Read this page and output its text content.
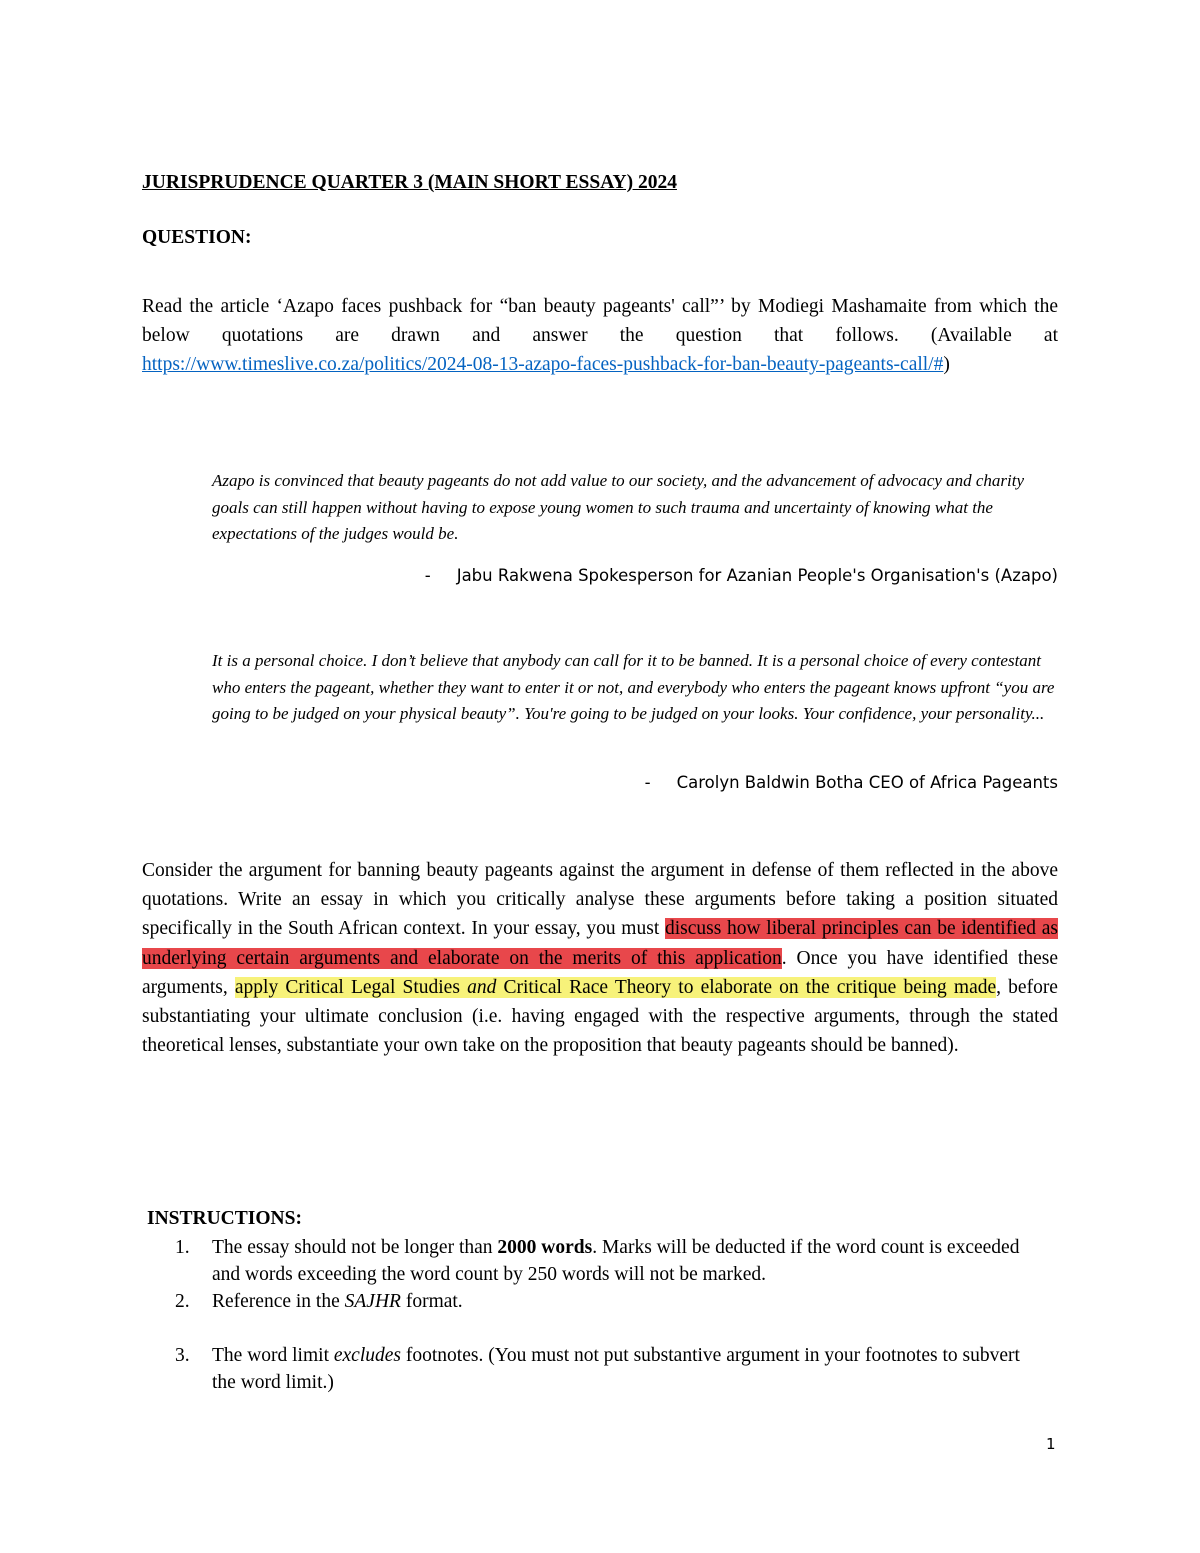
JURISPRUDENCE QUARTER 3 (MAIN SHORT ESSAY) 2024
QUESTION:

Read the article ‘Azapo faces pushback for “ban beauty pageants' call”’ by Modiegi Mashamaite from which the below quotations are drawn and answer the question that follows. (Available at https://www.timeslive.co.za/politics/2024-08-13-azapo-faces-pushback-for-ban-beauty-pageants-call/#)

Azapo is convinced that beauty pageants do not add value to our society, and the advancement of advocacy and charity goals can still happen without having to expose young women to such trauma and uncertainty of knowing what the expectations of the judges would be.

- Jabu Rakwena Spokesperson for Azanian People's Organisation's (Azapo)

It is a personal choice. I don’t believe that anybody can call for it to be banned. It is a personal choice of every contestant who enters the pageant, whether they want to enter it or not, and everybody who enters the pageant knows upfront “you are going to be judged on your physical beauty”. You're going to be judged on your looks. Your confidence, your personality...

- Carolyn Baldwin Botha CEO of Africa Pageants

Consider the argument for banning beauty pageants against the argument in defense of them reflected in the above quotations. Write an essay in which you critically analyse these arguments before taking a position situated specifically in the South African context. In your essay, you must discuss how liberal principles can be identified as underlying certain arguments and elaborate on the merits of this application. Once you have identified these arguments, apply Critical Legal Studies and Critical Race Theory to elaborate on the critique being made, before substantiating your ultimate conclusion (i.e. having engaged with the respective arguments, through the stated theoretical lenses, substantiate your own take on the proposition that beauty pageants should be banned).

INSTRUCTIONS:
1. The essay should not be longer than 2000 words. Marks will be deducted if the word count is exceeded and words exceeding the word count by 250 words will not be marked.
2. Reference in the SAJHR format.
3. The word limit excludes footnotes. (You must not put substantive argument in your footnotes to subvert the word limit.)
1
